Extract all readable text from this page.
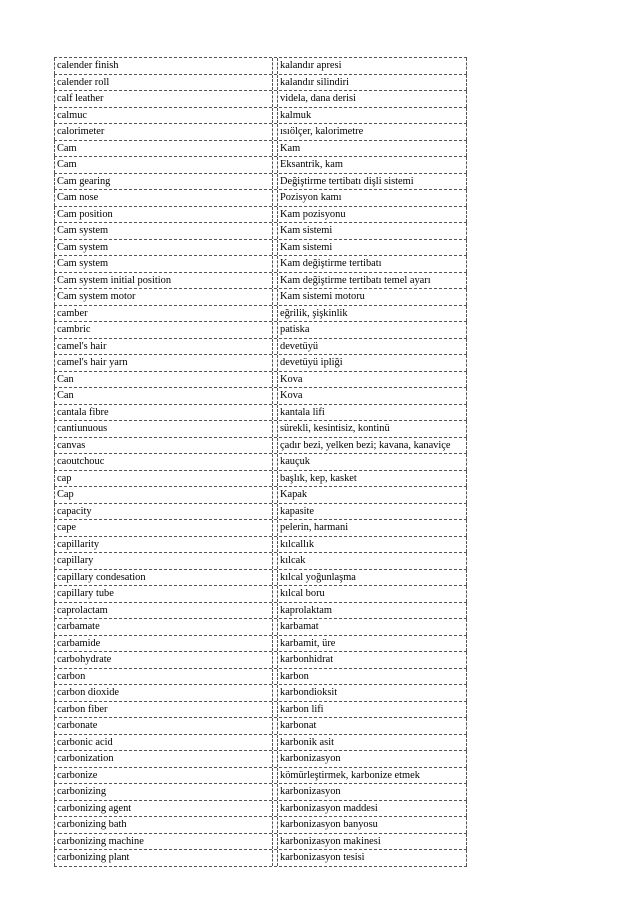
calender finish	kalandır apresi
calender roll	kalandır silindiri
calf leather	videla, dana derisi
calmuc	kalmuk
calorimeter	ısıölçer, kalorimetre
Cam	Kam
Cam	Eksantrik, kam
Cam gearing	Değiştirme tertibatı dişli sistemi
Cam nose	Pozisyon kamı
Cam position	Kam pozisyonu
Cam system	Kam sistemi
Cam system	Kam sistemi
Cam system	Kam değiştirme tertibatı
Cam system initial position	Kam değiştirme tertibatı temel ayarı
Cam system motor	Kam sistemi motoru
camber	eğrilik, şişkinlik
cambric	patiska
camel's hair	devetüyü
camel's hair yarn	devetüyü ipliği
Can	Kova
Can	Kova
cantala fibre	kantala lifi
cantiunuous	sürekli, kesintisiz, kontinü
canvas	çadır bezi, yelken bezi; kavana, kanaviçe
caoutchouc	kauçuk
cap	başlık, kep, kasket
Cap	Kapak
capacity	kapasite
cape	pelerin, harmani
capillarity	kılcallık
capillary	kılcak
capillary condesation	kılcal yoğunlaşma
capillary tube	kılcal boru
caprolactam	kaprolaktam
carbamate	karbamat
carbamide	karbamit, üre
carbohydrate	karbonhidrat
carbon	karbon
carbon dioxide	karbondioksit
carbon fiber	karbon lifi
carbonate	karbonat
carbonic acid	karbonik asit
carbonization	karbonizasyon
carbonize	kömürleştirmek, karbonize etmek
carbonizing	karbonizasyon
carbonizing agent	karbonizasyon maddesi
carbonizing bath	karbonizasyon banyosu
carbonizing machine	karbonizasyon makinesi
carbonizing plant	karbonizasyon tesisi
